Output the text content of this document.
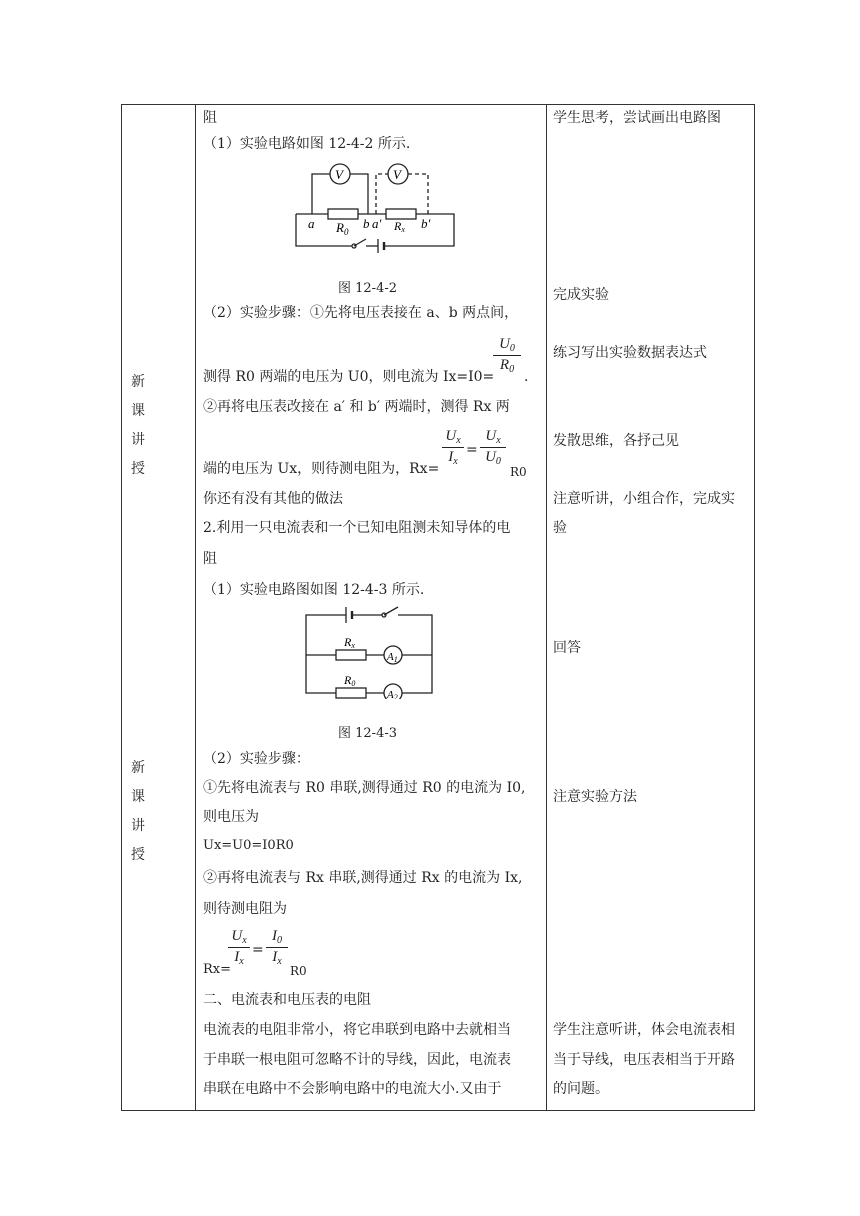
新
课
讲
授
新
课
讲
授
阻
（1）实验电路如图 12-4-2 所示.
V	V
a $R_0$
b a′ Rx b′
图 12-4-2
（2）实验步骤：①先将电压表接在 a、b 两点间，
测得 R0 两端的电压为 U0，则电流为 Ix=I0=
$U_0$
$R_0$ .
②再将电压表改接在 a′ 和 b′ 两端时，测得 Rx 两
端的电压为 Ux，则待测电阻为，Rx=
$U_x$
$I_x$
=
$U_x$
$U_0$
R0
你还有没有其他的做法
2.利用一只电流表和一个已知电阻测未知导体的电
阻
（1）实验电路图如图 12-4-3 所示.
Rx
A1
R0
A2
图 12-4-3
（2）实验步骤：
①先将电流表与 R0 串联,测得通过 R0 的电流为 I0,
则电压为
Ux=U0=I0R0
②再将电流表与 Rx 串联,测得通过 Rx 的电流为 Ix,
则待测电阻为
Rx=
$U_x$
$I_x$
=
$I_0$
$I_x$
R0
二、电流表和电压表的电阻
电流表的电阻非常小，将它串联到电路中去就相当
于串联一根电阻可忽略不计的导线，因此，电流表
串联在电路中不会影响电路中的电流大小.又由于
学生思考，尝试画出电路图
完成实验
练习写出实验数据表达式
发散思维，各抒己见
注意听讲，小组合作，完成实
验
回答
注意实验方法
学生注意听讲，体会电流表相
当于导线，电压表相当于开路
的问题。
